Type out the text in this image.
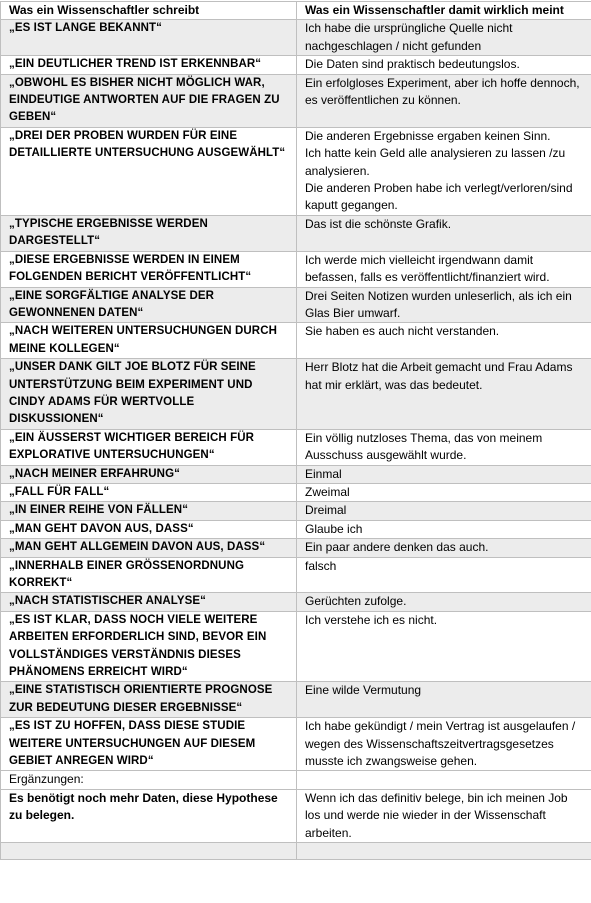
Was ein Wissenschaftler schreibt	Was ein Wissenschaftler damit wirklich meint
„ES IST LANGE BEKANNT“	Ich habe die ursprüngliche Quelle nicht nachgeschlagen / nicht gefunden

„EIN DEUTLICHER TREND IST ERKENNBAR“	Die Daten sind praktisch bedeutungslos.

„OBWOHL ES BISHER NICHT MÖGLICH WAR, EINDEUTIGE ANTWORTEN AUF DIE FRAGEN ZU GEBEN“	Ein erfolgloses Experiment, aber ich hoffe dennoch, es veröffentlichen zu können.

„DREI DER PROBEN WURDEN FÜR EINE DETAILLIERTE UNTERSUCHUNG AUSGEWÄHLT“	Die anderen Ergebnisse ergaben keinen Sinn.
Ich hatte kein Geld alle analysieren zu lassen /zu analysieren.
Die anderen Proben habe ich verlegt/verloren/sind kaputt gegangen.

„TYPISCHE ERGEBNISSE WERDEN DARGESTELLT“	Das ist die schönste Grafik.

„DIESE ERGEBNISSE WERDEN IN EINEM FOLGENDEN BERICHT VERÖFFENTLICHT“	Ich werde mich vielleicht irgendwann damit befassen, falls es veröffentlicht/finanziert wird.

„EINE SORGFÄLTIGE ANALYSE DER GEWONNENEN DATEN“	Drei Seiten Notizen wurden unleserlich, als ich ein Glas Bier umwarf.

„NACH WEITEREN UNTERSUCHUNGEN DURCH MEINE KOLLEGEN“	Sie haben es auch nicht verstanden.

„UNSER DANK GILT JOE BLOTZ FÜR SEINE UNTERSTÜTZUNG BEIM EXPERIMENT UND CINDY ADAMS FÜR WERTVOLLE DISKUSSIONEN“	Herr Blotz hat die Arbeit gemacht und Frau Adams hat mir erklärt, was das bedeutet.

„EIN ÄUSSERST WICHTIGER BEREICH FÜR EXPLORATIVE UNTERSUCHUNGEN“	Ein völlig nutzloses Thema, das von meinem Ausschuss ausgewählt wurde.

„NACH MEINER ERFAHRUNG“	Einmal

„FALL FÜR FALL“	Zweimal

„IN EINER REIHE VON FÄLLEN“	Dreimal

„MAN GEHT DAVON AUS, DASS“	Glaube ich

„MAN GEHT ALLGEMEIN DAVON AUS, DASS“	Ein paar andere denken das auch.

„INNERHALB EINER GRÖSSENORDNUNG KORREKT“	falsch

„NACH STATISTISCHER ANALYSE“	Gerüchten zufolge.

„ES IST KLAR, DASS NOCH VIELE WEITERE ARBEITEN ERFORDERLICH SIND, BEVOR EIN VOLLSTÄNDIGES VERSTÄNDNIS DIESES PHÄNOMENS ERREICHT WIRD“	Ich verstehe ich es nicht.

„EINE STATISTISCH ORIENTIERTE PROGNOSE ZUR BEDEUTUNG DIESER ERGEBNISSE“	Eine wilde Vermutung

„ES IST ZU HOFFEN, DASS DIESE STUDIE WEITERE UNTERSUCHUNGEN AUF DIESEM GEBIET ANREGEN WIRD“	Ich habe gekündigt / mein Vertrag ist ausgelaufen / wegen des Wissenschaftszeitvertragsgesetzes musste ich zwangsweise gehen.

Ergänzungen:	
Es benötigt noch mehr Daten, diese Hypothese zu belegen.	Wenn ich das definitiv belege, bin ich meinen Job los und werde nie wieder in der Wissenschaft arbeiten.
